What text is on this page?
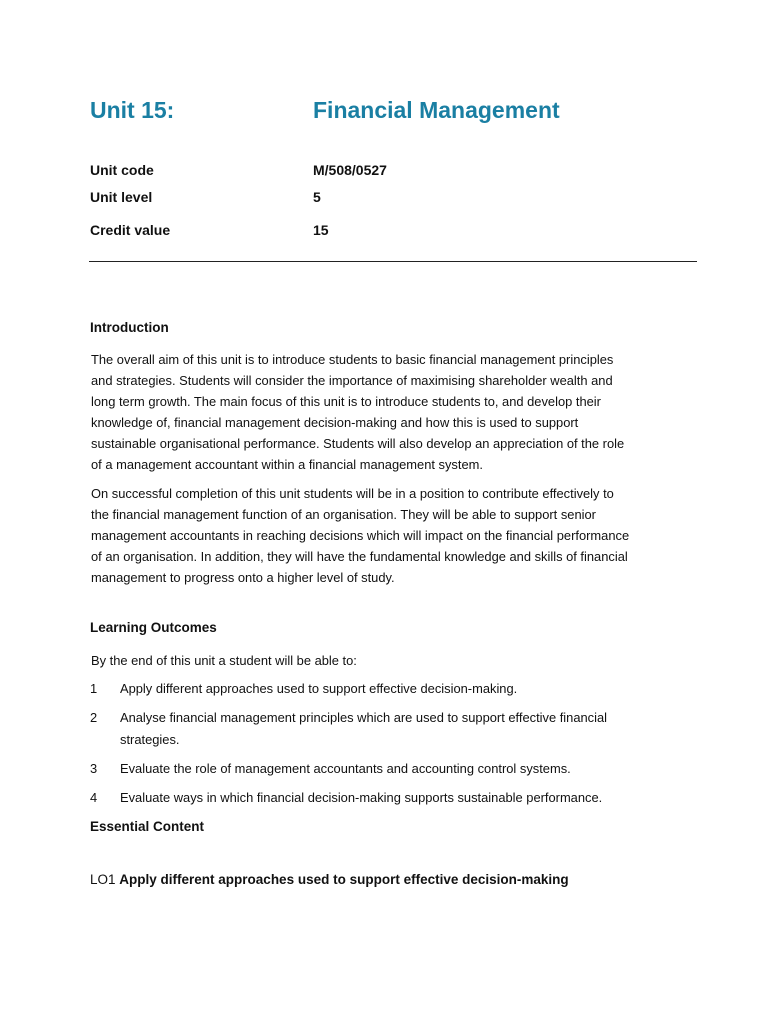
Unit 15:	Financial Management
Unit code	M/508/0527
Unit level	5
Credit value	15
Introduction
The overall aim of this unit is to introduce students to basic financial management principles
and strategies. Students will consider the importance of maximising shareholder wealth and
long term growth. The main focus of this unit is to introduce students to, and develop their
knowledge of, financial management decision-making and how this is used to support
sustainable organisational performance. Students will also develop an appreciation of the role
of a management accountant within a financial management system.
On successful completion of this unit students will be in a position to contribute effectively to
the financial management function of an organisation. They will be able to support senior
management accountants in reaching decisions which will impact on the financial performance
of an organisation. In addition, they will have the fundamental knowledge and skills of financial
management to progress onto a higher level of study.
Learning Outcomes
By the end of this unit a student will be able to:
1 Apply different approaches used to support effective decision-making.
2 Analyse financial management principles which are used to support effective financial
strategies.
3 Evaluate the role of management accountants and accounting control systems.
4 Evaluate ways in which financial decision-making supports sustainable performance.
Essential Content
LO1 Apply different approaches used to support effective decision-making
